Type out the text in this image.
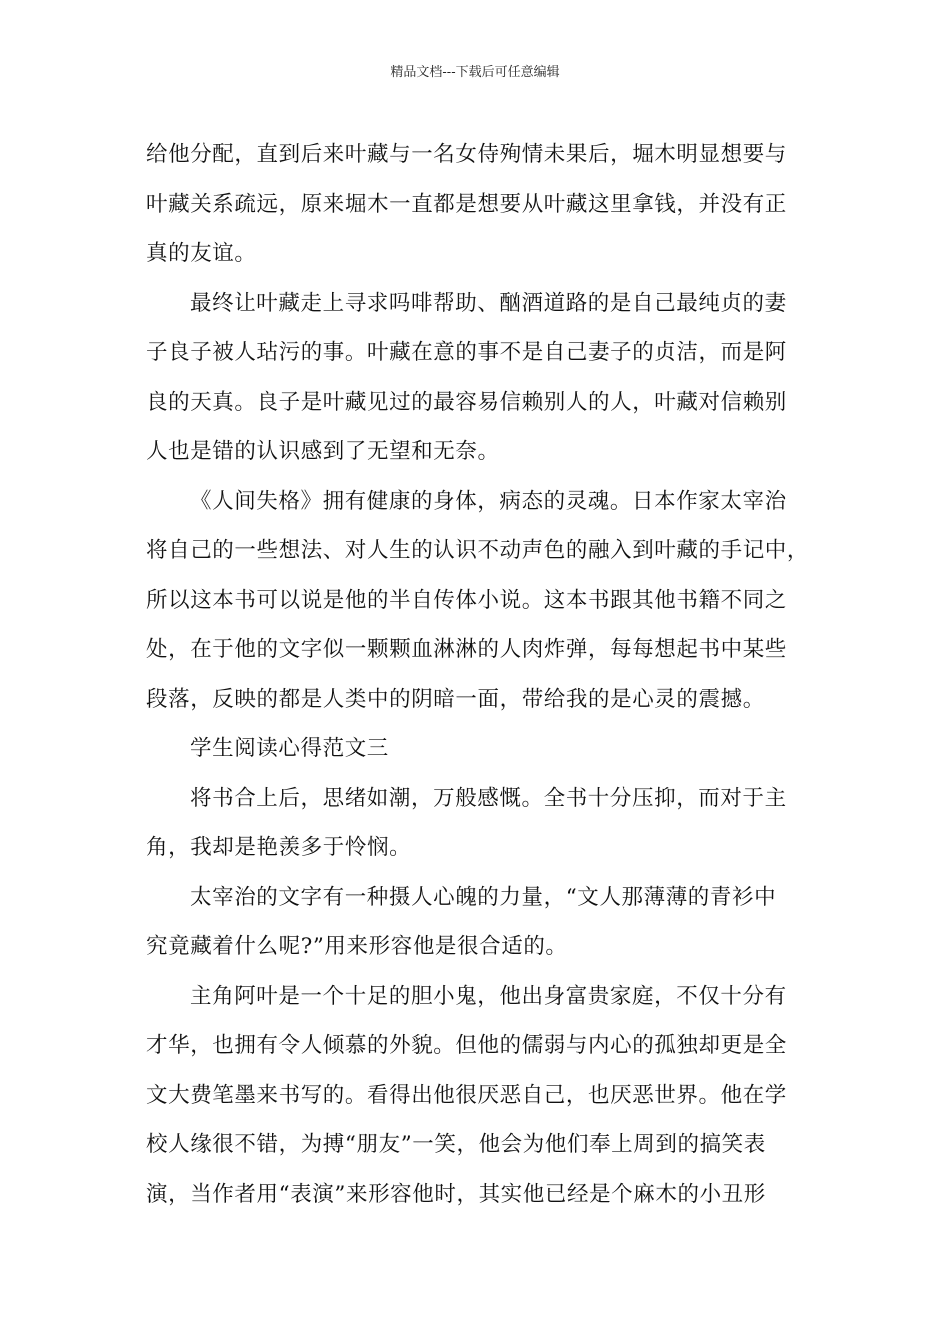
精品文档---下载后可任意编辑
给他分配，直到后来叶藏与一名女侍殉情未果后，堀木明显想要与
叶藏关系疏远，原来堀木一直都是想要从叶藏这里拿钱，并没有正
真的友谊。
最终让叶藏走上寻求吗啡帮助、酗酒道路的是自己最纯贞的妻
子良子被人玷污的事。叶藏在意的事不是自己妻子的贞洁，而是阿
良的天真。良子是叶藏见过的最容易信赖别人的人，叶藏对信赖别
人也是错的认识感到了无望和无奈。
《人间失格》拥有健康的身体，病态的灵魂。日本作家太宰治
将自己的一些想法、对人生的认识不动声色的融入到叶藏的手记中，
所以这本书可以说是他的半自传体小说。这本书跟其他书籍不同之
处，在于他的文字似一颗颗血淋淋的人肉炸弹，每每想起书中某些
段落，反映的都是人类中的阴暗一面，带给我的是心灵的震撼。
学生阅读心得范文三
将书合上后，思绪如潮，万般感慨。全书十分压抑，而对于主
角，我却是艳羡多于怜悯。
太宰治的文字有一种摄人心魄的力量，“文人那薄薄的青衫中
究竟藏着什么呢?”用来形容他是很合适的。
主角阿叶是一个十足的胆小鬼，他出身富贵家庭，不仅十分有
才华，也拥有令人倾慕的外貌。但他的儒弱与内心的孤独却更是全
文大费笔墨来书写的。看得出他很厌恶自己，也厌恶世界。他在学
校人缘很不错，为搏“朋友”一笑，他会为他们奉上周到的搞笑表
演，当作者用“表演”来形容他时，其实他已经是个麻木的小丑形
